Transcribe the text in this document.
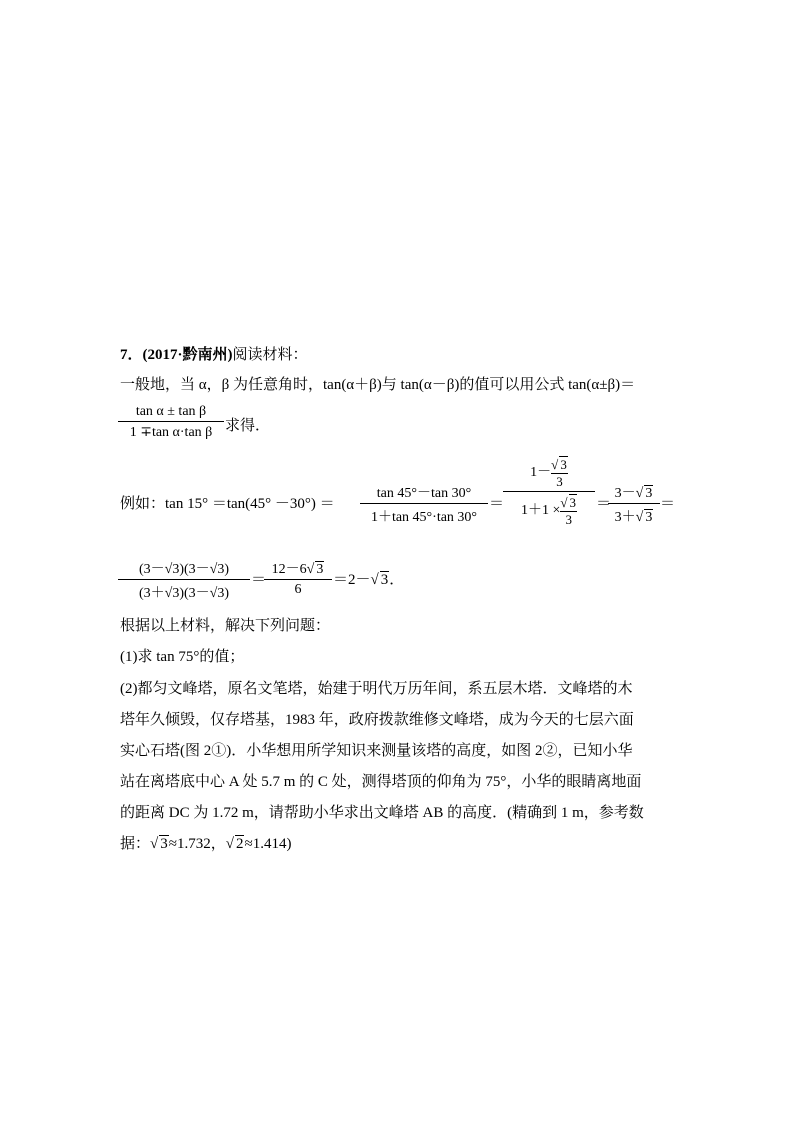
7．(2017·黔南州)阅读材料：
一般地，当 α，β 为任意角时，tan(α＋β)与 tan(α－β)的值可以用公式 tan(α±β)＝
tan α ± tan β
1 ∓tan α·tan β 求得．
例如：tan 15° ＝tan(45° －30°) ＝
tan 45°－tan 30°
1＋tan 45°·tan 30°
＝
$1- \frac{√ 3}{3}$
$1+1 \times \frac{√ 3}{3}$ ＝
3－√ 3
3＋√ 3
＝
(3－√3)(3－√3)
(3＋√3)(3－√3)
＝
12－6√ 3
6
＝2－√ 3．
根据以上材料，解决下列问题：
(1)求 tan 75°的值；
(2)都匀文峰塔，原名文笔塔，始建于明代万历年间，系五层木塔．文峰塔的木
塔年久倾毁，仅存塔基，1983 年，政府拨款维修文峰塔，成为今天的七层六面
实心石塔(图 2①)．小华想用所学知识来测量该塔的高度，如图 2②，已知小华
站在离塔底中心 A 处 5.7 m 的 C 处，测得塔顶的仰角为 75°，小华的眼睛离地面
的距离 DC 为 1.72 m，请帮助小华求出文峰塔 AB 的高度．(精确到 1 m，参考数
据：√ 3≈1.732，√ 2≈1.414)
